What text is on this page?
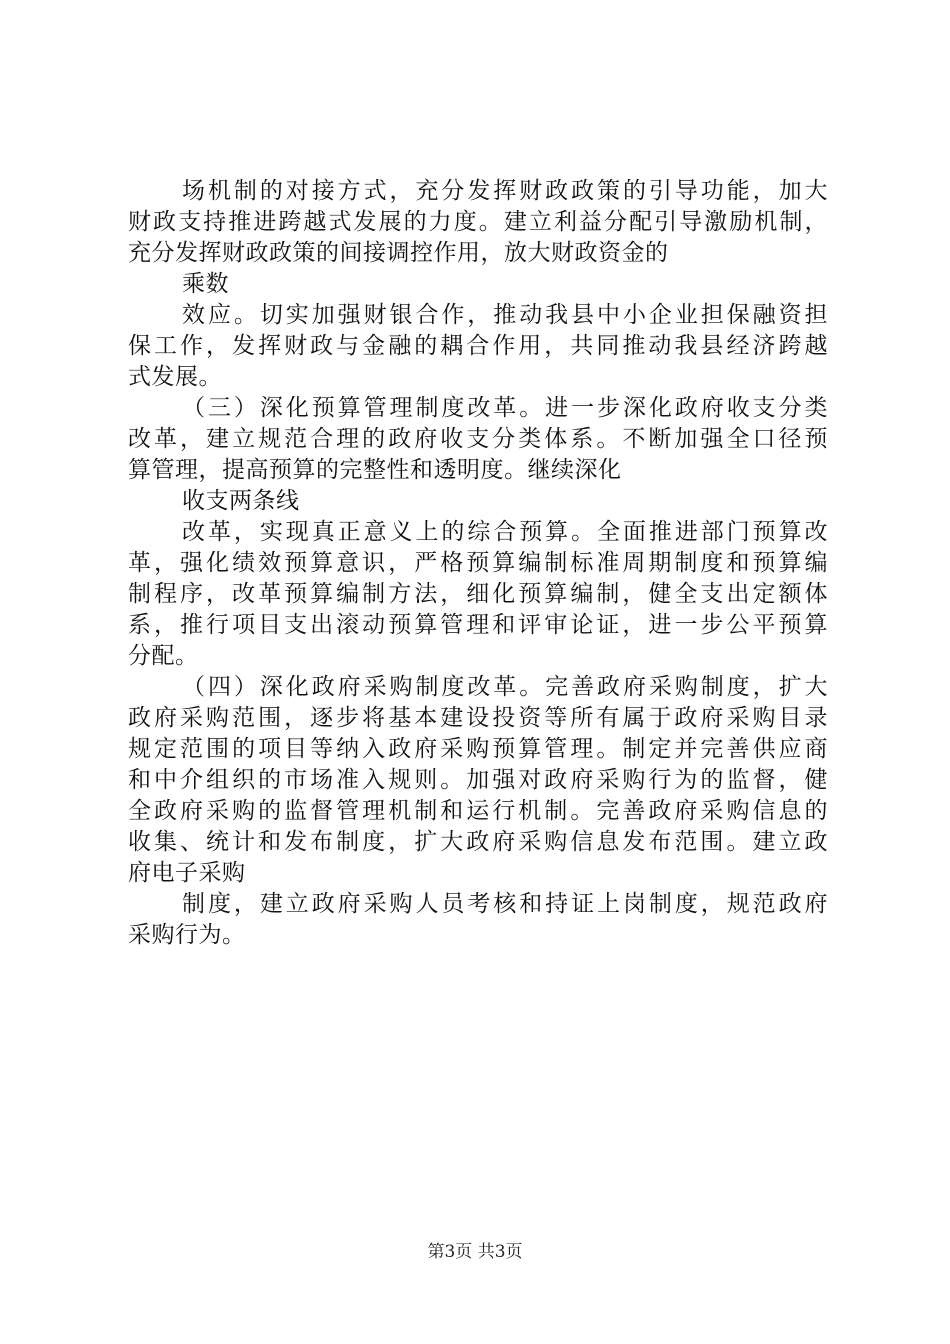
场机制的对接方式，充分发挥财政政策的引导功能，加大
财政支持推进跨越式发展的力度。建立利益分配引导激励机制，
充分发挥财政政策的间接调控作用，放大财政资金的
乘数
效应。切实加强财银合作，推动我县中小企业担保融资担
保工作，发挥财政与金融的耦合作用，共同推动我县经济跨越
式发展。
（三）深化预算管理制度改革。进一步深化政府收支分类
改革，建立规范合理的政府收支分类体系。不断加强全口径预
算管理，提高预算的完整性和透明度。继续深化
收支两条线
改革，实现真正意义上的综合预算。全面推进部门预算改
革，强化绩效预算意识，严格预算编制标准周期制度和预算编
制程序，改革预算编制方法，细化预算编制，健全支出定额体
系，推行项目支出滚动预算管理和评审论证，进一步公平预算
分配。
（四）深化政府采购制度改革。完善政府采购制度，扩大
政府采购范围，逐步将基本建设投资等所有属于政府采购目录
规定范围的项目等纳入政府采购预算管理。制定并完善供应商
和中介组织的市场准入规则。加强对政府采购行为的监督，健
全政府采购的监督管理机制和运行机制。完善政府采购信息的
收集、统计和发布制度，扩大政府采购信息发布范围。建立政
府电子采购
制度，建立政府采购人员考核和持证上岗制度，规范政府
采购行为。
第3页 共3页
